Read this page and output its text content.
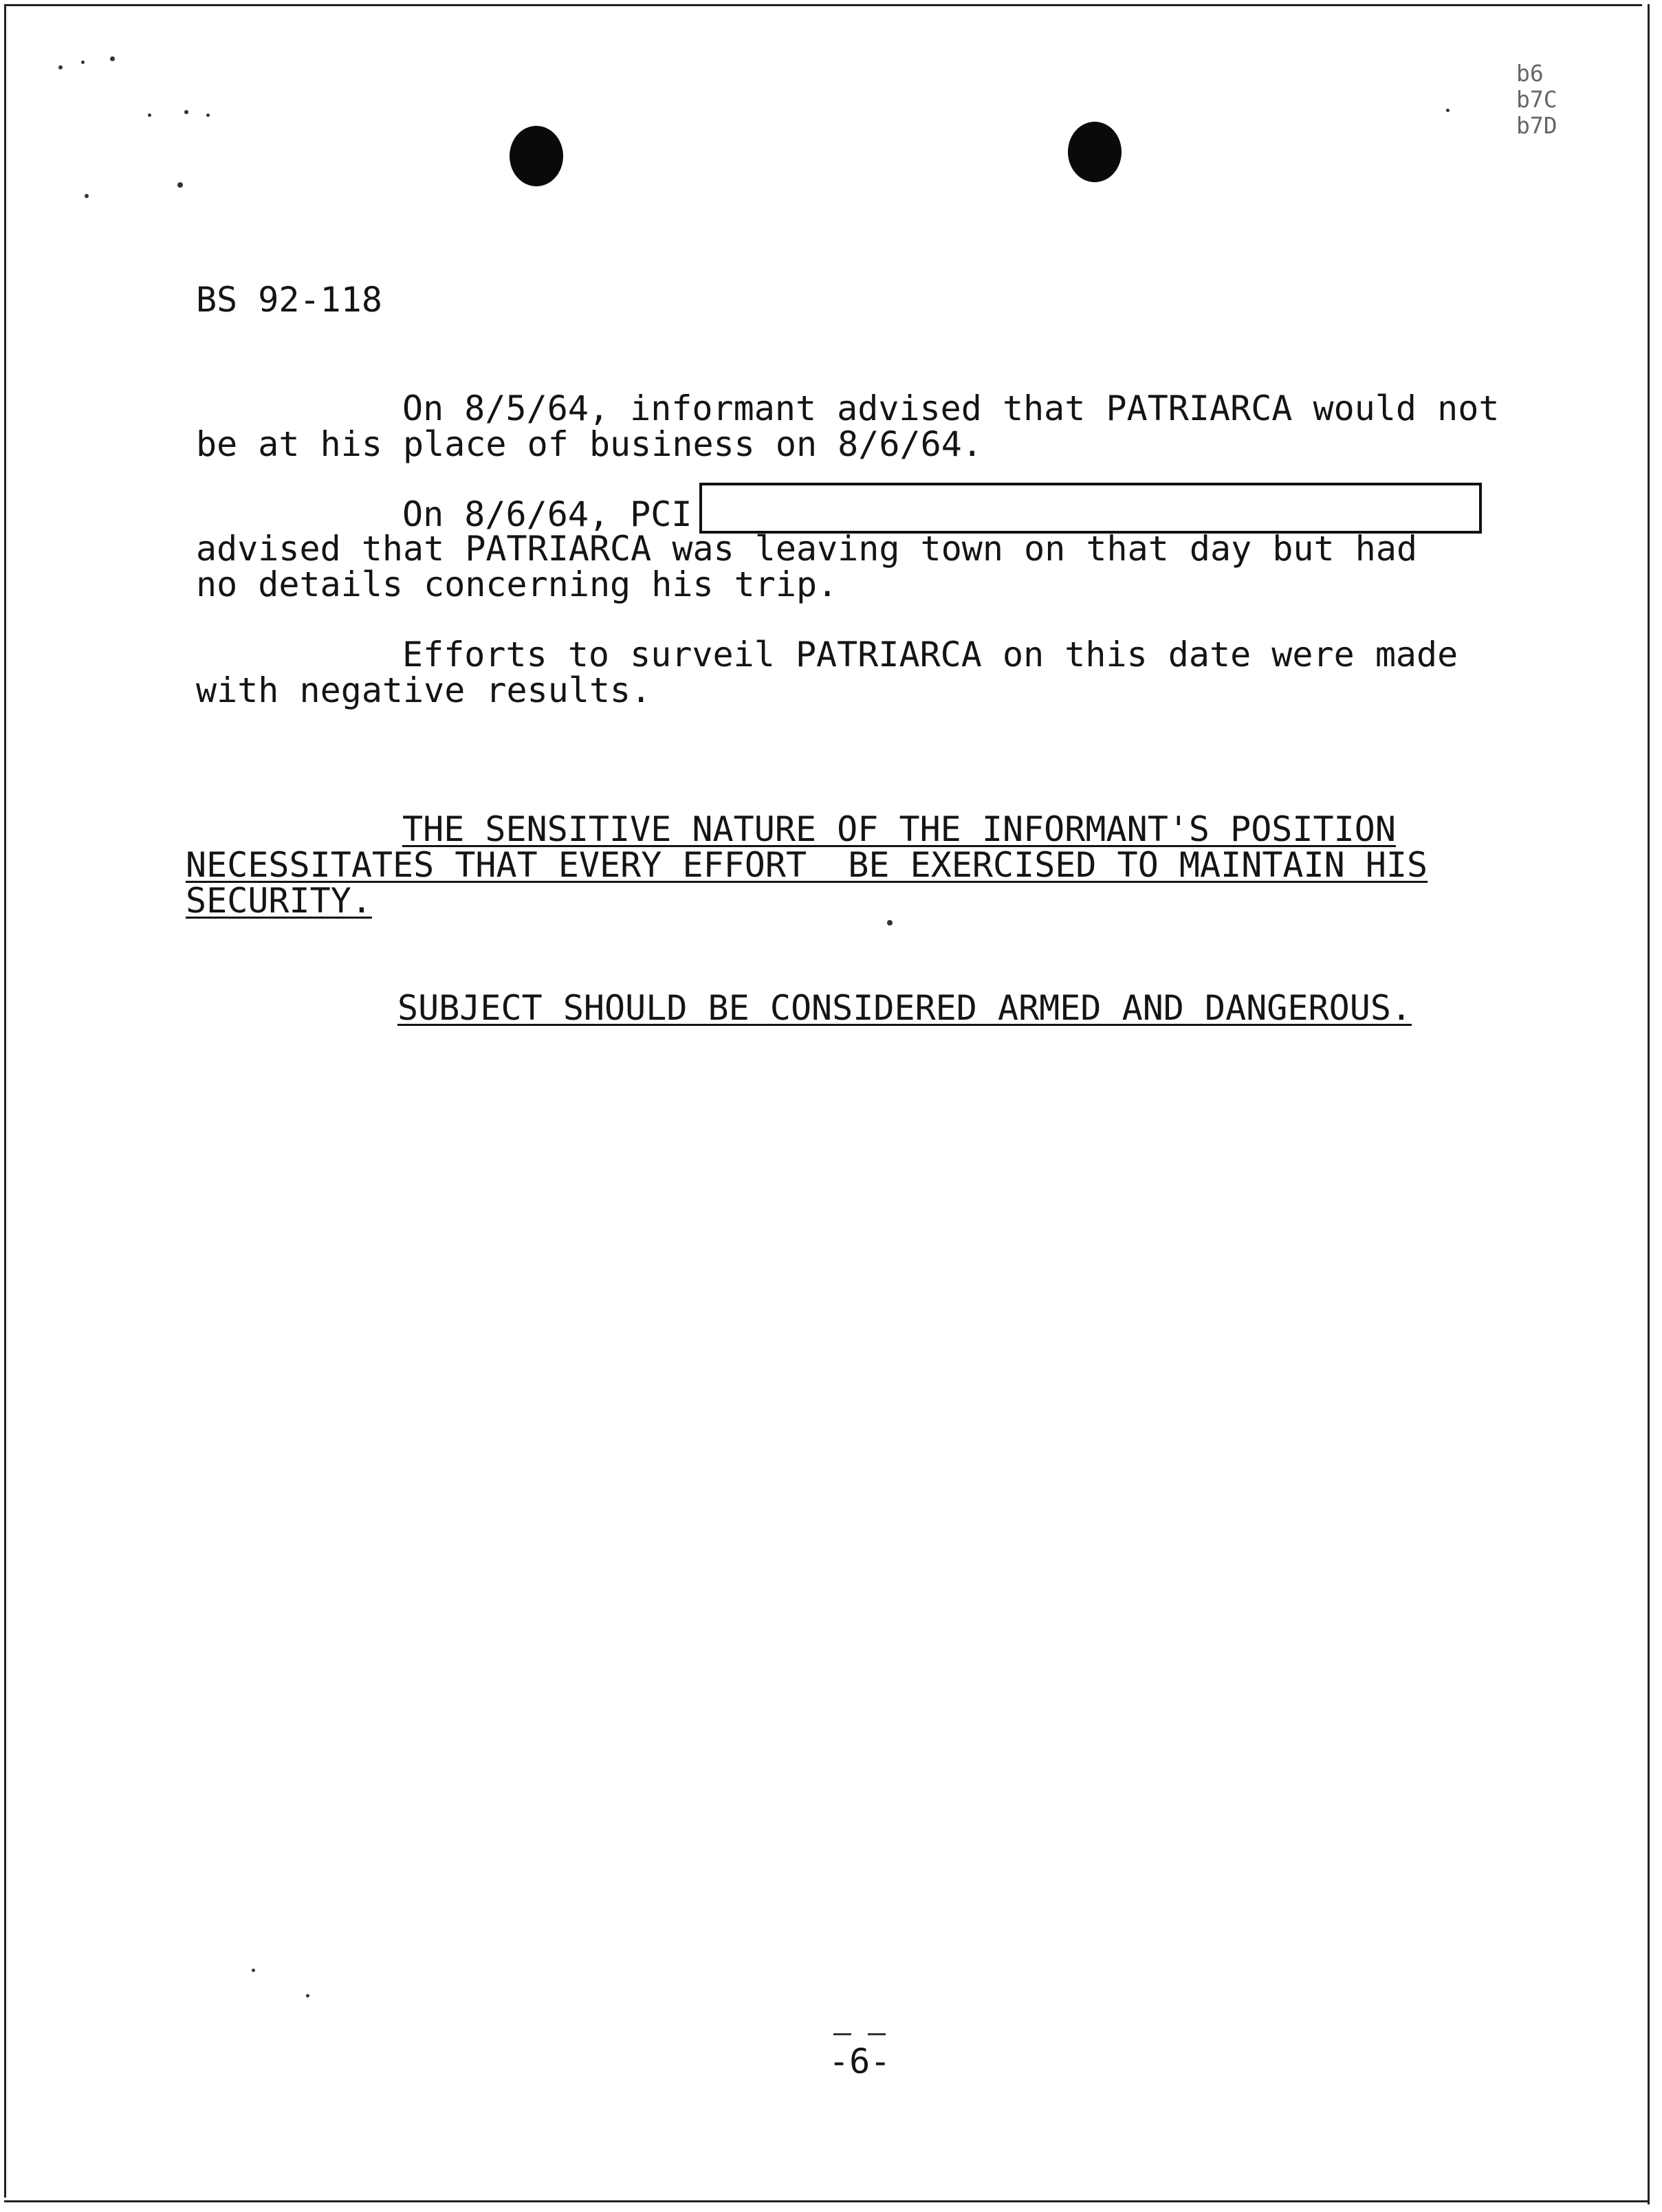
b6
b7C
b7D
BS 92-118
On 8/5/64, informant advised that PATRIARCA would not
be at his place of business on 8/6/64.
On 8/6/64, PCI
advised that PATRIARCA was leaving town on that day but had
no details concerning his trip.
Efforts to surveil PATRIARCA on this date were made
with negative results.
THE SENSITIVE NATURE OF THE INFORMANT'S POSITION
NECESSITATES THAT EVERY EFFORT  BE EXERCISED TO MAINTAIN HIS
SECURITY.
SUBJECT SHOULD BE CONSIDERED ARMED AND DANGEROUS.
-6-
